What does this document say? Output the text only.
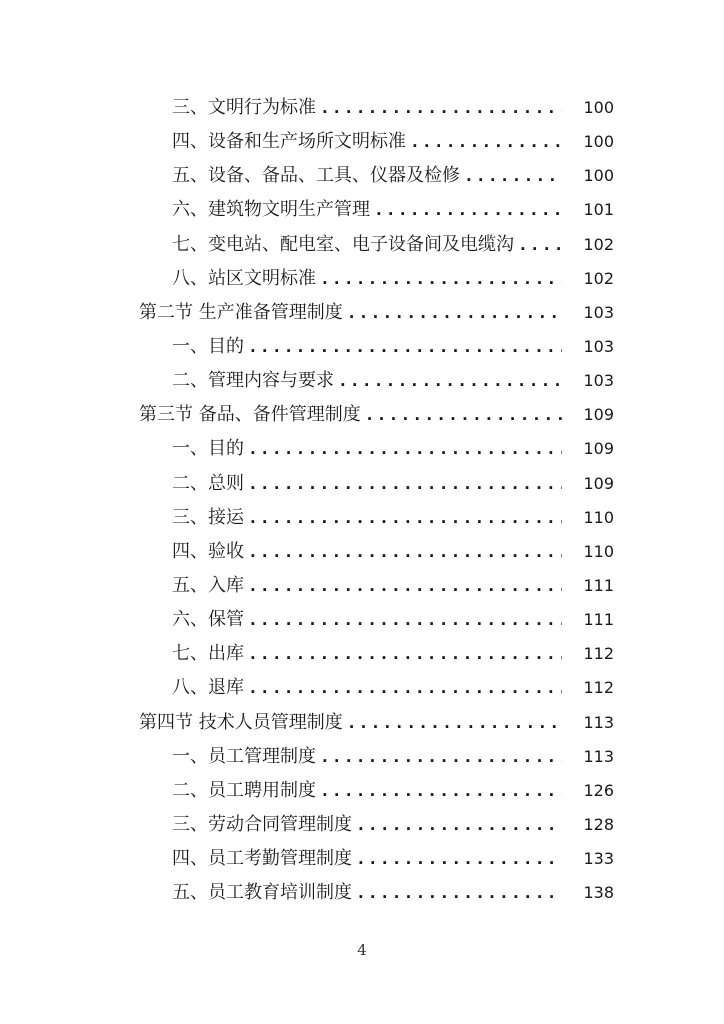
三、文明行为标准 . . .	100
四、设备和生产场所文明标准 . . .	100
五、设备、备品、工具、仪器及检修 . . .	100
六、建筑物文明生产管理 . . .	101
七、变电站、配电室、电子设备间及电缆沟 . . .	102
八、站区文明标准 . . .	102
第二节 生产准备管理制度 . . .	103
一、目的 . . .	103
二、管理内容与要求 . . .	103
第三节 备品、备件管理制度 . . .	109
一、目的 . . .	109
二、总则 . . .	109
三、接运 . . .	110
四、验收 . . .	110
五、入库 . . .	111
六、保管 . . .	111
七、出库 . . .	112
八、退库 . . .	112
第四节 技术人员管理制度 . . .	113
一、员工管理制度 . . .	113
二、员工聘用制度 . . .	126
三、劳动合同管理制度 . . .	128
四、员工考勤管理制度 . . .	133
五、员工教育培训制度 . . .	138
4
